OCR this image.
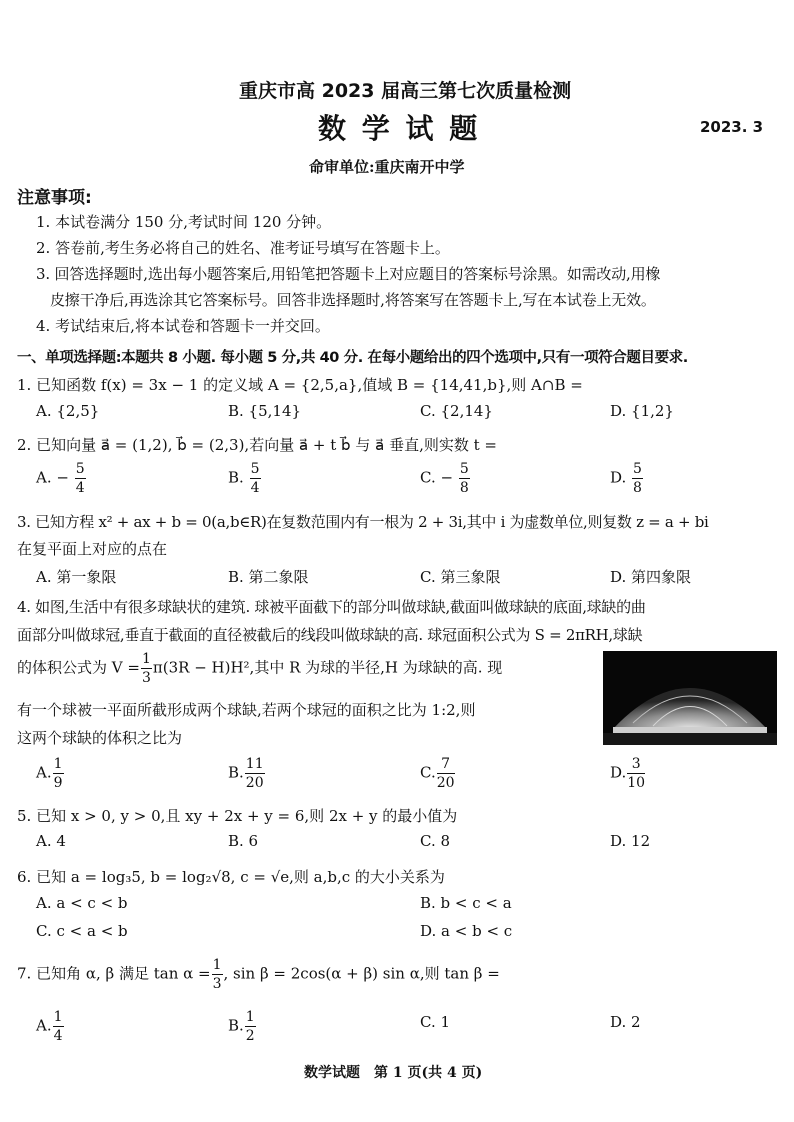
重庆市高 2023 届高三第七次质量检测
数 学 试 题	2023. 3
命审单位:重庆南开中学
注意事项:
1. 本试卷满分 150 分,考试时间 120 分钟。
2. 答卷前,考生务必将自己的姓名、准考证号填写在答题卡上。
3. 回答选择题时,选出每小题答案后,用铅笔把答题卡上对应题目的答案标号涂黑。如需改动,用橡
皮擦干净后,再选涂其它答案标号。回答非选择题时,将答案写在答题卡上,写在本试卷上无效。
4. 考试结束后,将本试卷和答题卡一并交回。
一、单项选择题:本题共 8 小题. 每小题 5 分,共 40 分. 在每小题给出的四个选项中,只有一项符合题目要求.
1. 已知函数 f(x) = 3x − 1 的定义域 A = {2,5,a},值域 B = {14,41,b},则 A∩B =
A. {2,5}	B. {5,14}	C. {2,14}	D. {1,2}
2. 已知向量 a⃗ = (1,2), b⃗ = (2,3),若向量 a⃗ + t b⃗ 与 a⃗ 垂直,则实数 t =
A. − $\frac{5}{4}$	B. $\frac{5}{4}$	C. − $\frac{5}{8}$	D. $\frac{5}{8}$
3. 已知方程 x² + ax + b = 0(a,b∈R)在复数范围内有一根为 2 + 3i,其中 i 为虚数单位,则复数 z = a + bi
在复平面上对应的点在
A. 第一象限	B. 第二象限	C. 第三象限	D. 第四象限
4. 如图,生活中有很多球缺状的建筑. 球被平面截下的部分叫做球缺,截面叫做球缺的底面,球缺的曲
面部分叫做球冠,垂直于截面的直径被截后的线段叫做球缺的高. 球冠面积公式为 S = 2πRH,球缺
的体积公式为 $V = \frac{1}{3} \pi(3R - H)H^2$,其中 R 为球的半径,H 为球缺的高. 现
有一个球被一平面所截形成两个球缺,若两个球冠的面积之比为 1:2,则
这两个球缺的体积之比为
A. $\frac{1}{9}$	B. $\frac{11}{20}$	C. $\frac{7}{20}$	D. $\frac{3}{10}$
5. 已知 x > 0, y > 0,且 xy + 2x + y = 6,则 2x + y 的最小值为
A. 4	B. 6	C. 8	D. 12
6. 已知 a = log₃5, b = log₂√8, c = √e,则 a,b,c 的大小关系为
A. a < c < b	B. b < c < a
C. c < a < b	D. a < b < c
7. 已知角 α, β 满足 $\tan \alpha = \frac{1}{3}$ , sin β = 2cos(α + β) sin α,则 tan β =
A. $\frac{1}{4}$	B. $\frac{1}{2}$	C. 1	D. 2
数学试题　第 1 页(共 4 页)
